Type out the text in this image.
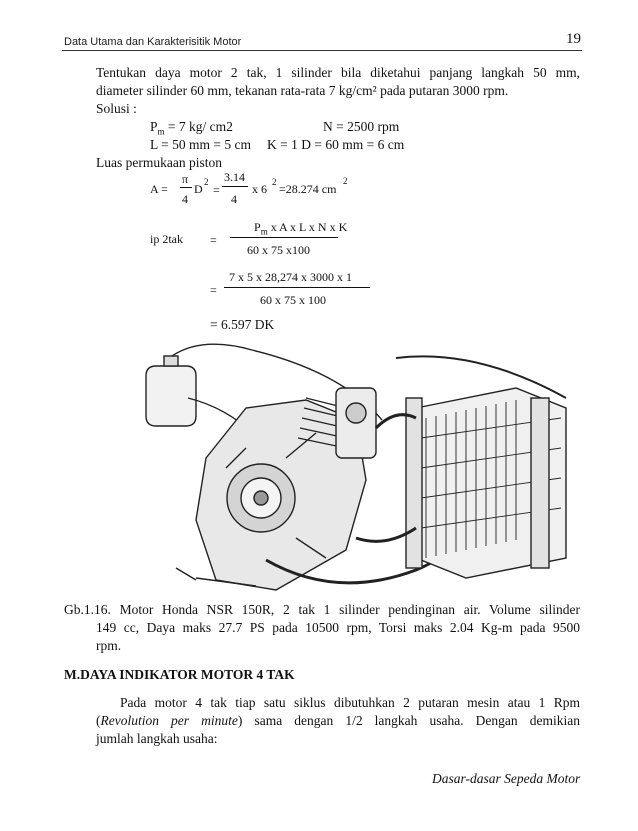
Data Utama dan Karakterisitik Motor	19
Tentukan daya motor 2 tak, 1 silinder bila diketahui panjang langkah 50 mm,
diameter silinder 60 mm, tekanan rata-rata 7 kg/cm² pada putaran 3000 rpm.
Solusi :
$P_m = 7$ kg/ cm2	N = 2500 rpm
L = 50 mm = 5 cm K = 1 D = 60 mm = 6 cm
Luas permukaan piston
A =
π
4
D 2
=
3.14
4
x 6 2 =28.274 cm
2
ip 2tak =
$P_m$ x A x L x N x K
60 x 75 x100
=
7 x 5 x 28,274 x 3000 x 1
60 x 75 x 100
= 6.597 DK
Gb.1.16. Motor Honda NSR 150R, 2 tak 1 silinder pendinginan air. Volume silinder
149 cc, Daya maks 27.7 PS pada 10500 rpm, Torsi maks 2.04 Kg-m pada 9500
rpm.
M.DAYA INDIKATOR MOTOR 4 TAK
Pada motor 4 tak tiap satu siklus dibutuhkan 2 putaran mesin atau 1 Rpm
(Revolution per minute) sama dengan 1/2 langkah usaha. Dengan demikian
jumlah langkah usaha:
Dasar-dasar Sepeda Motor
